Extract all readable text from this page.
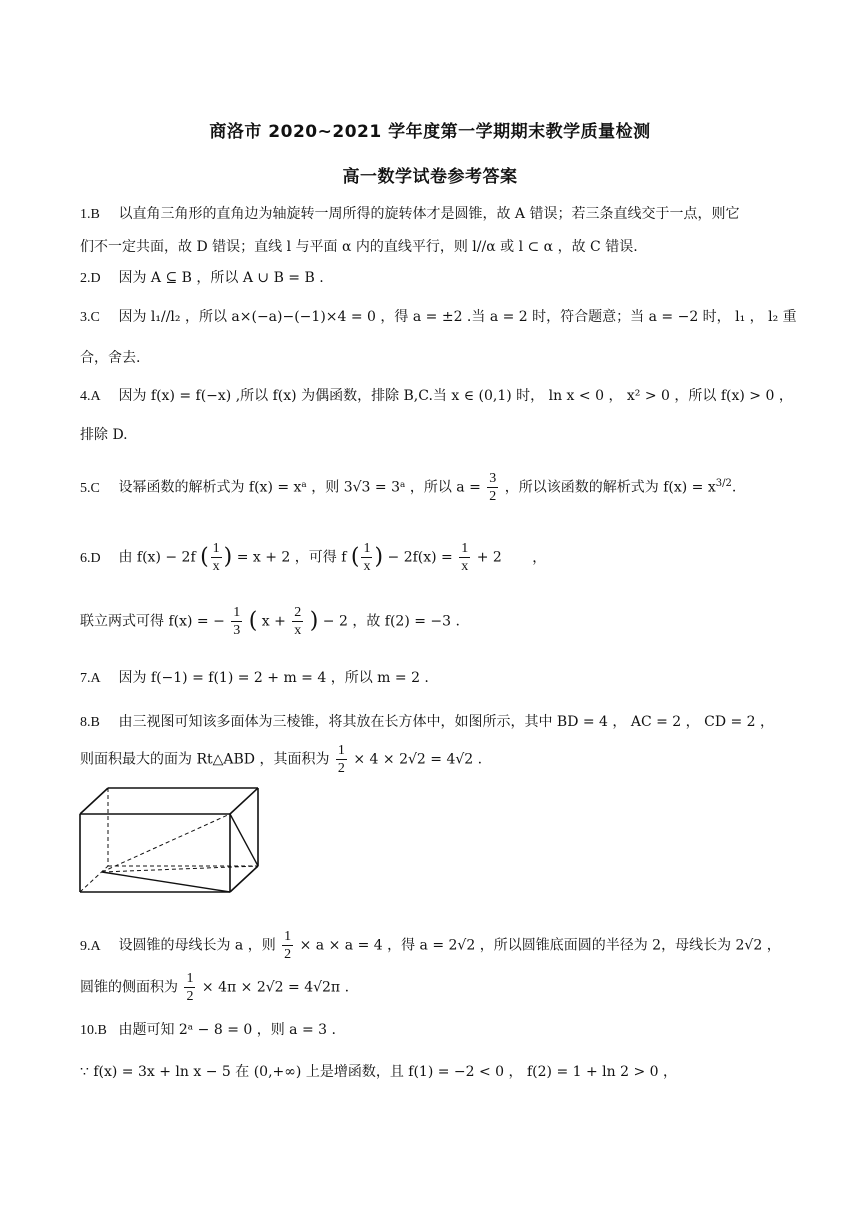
商洛市 2020~2021 学年度第一学期期末教学质量检测
高一数学试卷参考答案
1.B 以直角三角形的直角边为轴旋转一周所得的旋转体才是圆锥，故 A 错误；若三条直线交于一点，则它
们不一定共面，故 D 错误；直线 l 与平面 α 内的直线平行，则 l//α 或 l ⊂ α ，故 C 错误.
2.D 因为 A ⊆ B ，所以 A ∪ B = B .
3.C 因为 l₁//l₂ ，所以 a×(−a)−(−1)×4 = 0 ，得 a = ±2 .当 a = 2 时，符合题意；当 a = −2 时， l₁ ， l₂ 重
合，舍去.
4.A 因为 f(x) = f(−x) ,所以 f(x) 为偶函数，排除 B,C.当 x ∈ (0,1) 时， ln x < 0 ， x² > 0 ，所以 f(x) > 0 ，
排除 D.
5.C 设幂函数的解析式为 f(x) = xᵃ ，则 3√3 = 3ᵃ ，所以 $a = \frac{3}{2}$ ，所以该函数的解析式为 $f(x) = x^{3/2}$.
6.D 由 f(x) − 2f ( $\frac{1}{x}$ ) = x + 2 ，可得 f ( $\frac{1}{x}$ ) − $2f(x) = \frac{1}{x} + 2$ ，
联立两式可得 f(x) = − $\frac{1}{3}$ ( $x + \frac{2}{x}$ ) − 2 ，故 f(2) = −3 .
7.A 因为 f(−1) = f(1) = 2 + m = 4 ，所以 m = 2 .
8.B 由三视图可知该多面体为三棱锥，将其放在长方体中，如图所示，其中 BD = 4 ， AC = 2 ， CD = 2 ，
则面积最大的面为 Rt△ABD ，其面积为 $\frac{1}{2} \times 4 \times 2√2 = 4√2$ .
9.A 设圆锥的母线长为 a ，则 $\frac{1}{2} \times a \times a = 4$ ，得 a = 2√2 ，所以圆锥底面圆的半径为 2，母线长为 2√2 ，
圆锥的侧面积为 $\frac{1}{2} \times 4\pi \times 2√2 = 4√2\pi$ .
10.B 由题可知 2ᵃ − 8 = 0 ，则 a = 3 .
∵ f(x) = 3x + ln x − 5 在 (0,+∞) 上是增函数，且 f(1) = −2 < 0 ， f(2) = 1 + ln 2 > 0 ，
